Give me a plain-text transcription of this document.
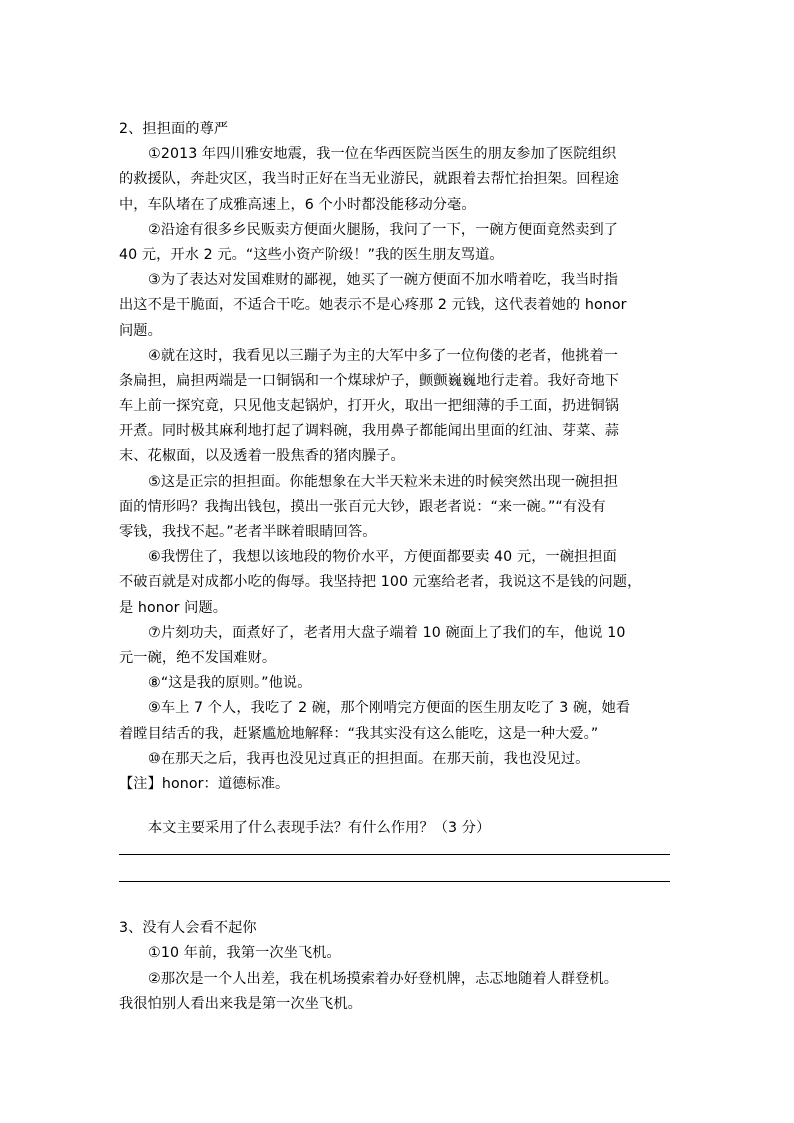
2、担担面的尊严
①2013 年四川雅安地震，我一位在华西医院当医生的朋友参加了医院组织
的救援队，奔赴灾区，我当时正好在当无业游民，就跟着去帮忙抬担架。回程途
中，车队堵在了成雅高速上，6 个小时都没能移动分毫。
②沿途有很多乡民贩卖方便面火腿肠，我问了一下，一碗方便面竟然卖到了
40 元，开水 2 元。“这些小资产阶级！”我的医生朋友骂道。
③为了表达对发国难财的鄙视，她买了一碗方便面不加水啃着吃，我当时指
出这不是干脆面，不适合干吃。她表示不是心疼那 2 元钱，这代表着她的 honor
问题。
④就在这时，我看见以三蹦子为主的大军中多了一位佝偻的老者，他挑着一
条扁担，扁担两端是一口铜锅和一个煤球炉子，颤颤巍巍地行走着。我好奇地下
车上前一探究竟，只见他支起锅炉，打开火，取出一把细薄的手工面，扔进铜锅
开煮。同时极其麻利地打起了调料碗，我用鼻子都能闻出里面的红油、芽菜、蒜
末、花椒面，以及透着一股焦香的猪肉臊子。
⑤这是正宗的担担面。你能想象在大半天粒米未进的时候突然出现一碗担担
面的情形吗？我掏出钱包，摸出一张百元大钞，跟老者说：“来一碗。”“有没有
零钱，我找不起。”老者半眯着眼睛回答。
⑥我愣住了，我想以该地段的物价水平，方便面都要卖 40 元，一碗担担面
不破百就是对成都小吃的侮辱。我坚持把 100 元塞给老者，我说这不是钱的问题，
是 honor 问题。
⑦片刻功夫，面煮好了，老者用大盘子端着 10 碗面上了我们的车，他说 10
元一碗，绝不发国难财。
⑧“这是我的原则。”他说。
⑨车上 7 个人，我吃了 2 碗，那个刚啃完方便面的医生朋友吃了 3 碗，她看
着瞠目结舌的我，赶紧尴尬地解释：“我其实没有这么能吃，这是一种大爱。”
⑩在那天之后，我再也没见过真正的担担面。在那天前，我也没见过。
【注】honor：道德标准。
本文主要采用了什么表现手法？有什么作用？（3 分）
3、没有人会看不起你
①10 年前，我第一次坐飞机。
②那次是一个人出差，我在机场摸索着办好登机牌，忐忑地随着人群登机。
我很怕别人看出来我是第一次坐飞机。
